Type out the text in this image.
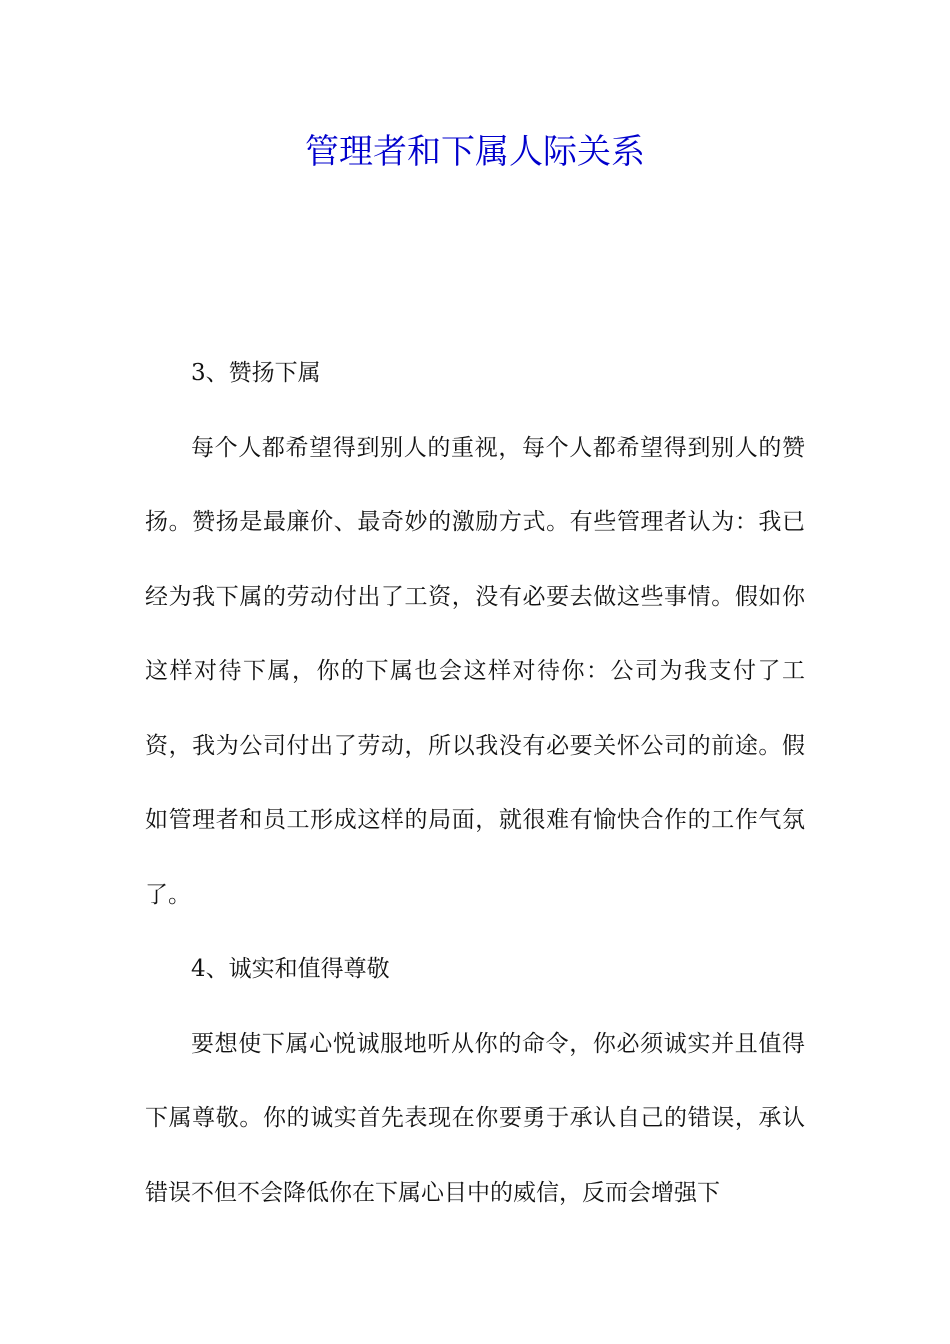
管理者和下属人际关系
3、赞扬下属

每个人都希望得到别人的重视，每个人都希望得到别人的赞扬。赞扬是最廉价、最奇妙的激励方式。有些管理者认为：我已经为我下属的劳动付出了工资，没有必要去做这些事情。假如你这样对待下属，你的下属也会这样对待你：公司为我支付了工资，我为公司付出了劳动，所以我没有必要关怀公司的前途。假如管理者和员工形成这样的局面，就很难有愉快合作的工作气氛了。

4、诚实和值得尊敬

要想使下属心悦诚服地听从你的命令，你必须诚实并且值得下属尊敬。你的诚实首先表现在你要勇于承认自己的错误，承认错误不但不会降低你在下属心目中的威信，反而会增强下
